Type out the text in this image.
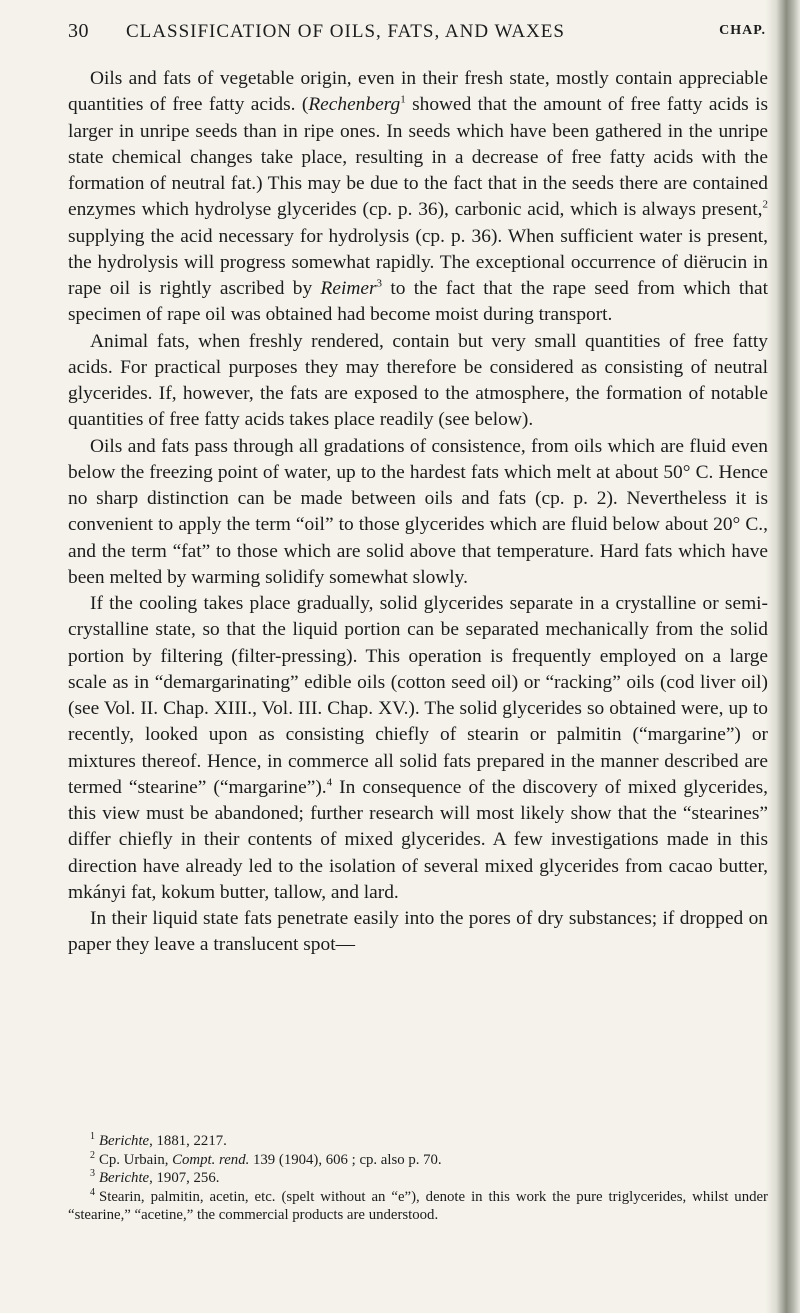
30 CLASSIFICATION OF OILS, FATS, AND WAXES	CHAP.

Oils and fats of vegetable origin, even in their fresh state, mostly contain appreciable quantities of free fatty acids. (Rechenberg$^1$ showed that the amount of free fatty acids is larger in unripe seeds than in ripe ones. In seeds which have been gathered in the unripe state chemical changes take place, resulting in a decrease of free fatty acids with the formation of neutral fat.) This may be due to the fact that in the seeds there are contained enzymes which hydrolyse glycerides (cp. p. 36), carbonic acid, which is always present,$^2$ supplying the acid necessary for hydrolysis (cp. p. 36). When sufficient water is present, the hydrolysis will progress somewhat rapidly. The exceptional occurrence of diërucin in rape oil is rightly ascribed by Reimer$^3$ to the fact that the rape seed from which that specimen of rape oil was obtained had become moist during transport.

Animal fats, when freshly rendered, contain but very small quantities of free fatty acids. For practical purposes they may therefore be considered as consisting of neutral glycerides. If, however, the fats are exposed to the atmosphere, the formation of notable quantities of free fatty acids takes place readily (see below).

Oils and fats pass through all gradations of consistence, from oils which are fluid even below the freezing point of water, up to the hardest fats which melt at about 50° C. Hence no sharp distinction can be made between oils and fats (cp. p. 2). Nevertheless it is convenient to apply the term “oil” to those glycerides which are fluid below about 20° C., and the term “fat” to those which are solid above that temperature. Hard fats which have been melted by warming solidify somewhat slowly.

If the cooling takes place gradually, solid glycerides separate in a crystalline or semi-crystalline state, so that the liquid portion can be separated mechanically from the solid portion by filtering (filter-pressing). This operation is frequently employed on a large scale as in “demargarinating” edible oils (cotton seed oil) or “racking” oils (cod liver oil) (see Vol. II. Chap. XIII., Vol. III. Chap. XV.). The solid glycerides so obtained were, up to recently, looked upon as consisting chiefly of stearin or palmitin (“margarine”) or mixtures thereof. Hence, in commerce all solid fats prepared in the manner described are termed “stearine” (“margarine”).$^4$ In consequence of the discovery of mixed glycerides, this view must be abandoned; further research will most likely show that the “stearines” differ chiefly in their contents of mixed glycerides. A few investigations made in this direction have already led to the isolation of several mixed glycerides from cacao butter, mkányi fat, kokum butter, tallow, and lard.

In their liquid state fats penetrate easily into the pores of dry substances; if dropped on paper they leave a translucent spot—

$^1$ Berichte, 1881, 2217.

$^2$ Cp. Urbain, Compt. rend. 139 (1904), 606 ; cp. also p. 70.

$^3$ Berichte, 1907, 256.

$^4$ Stearin, palmitin, acetin, etc. (spelt without an “e”), denote in this work the pure triglycerides, whilst under “stearine,” “acetine,” the commercial products are understood.
